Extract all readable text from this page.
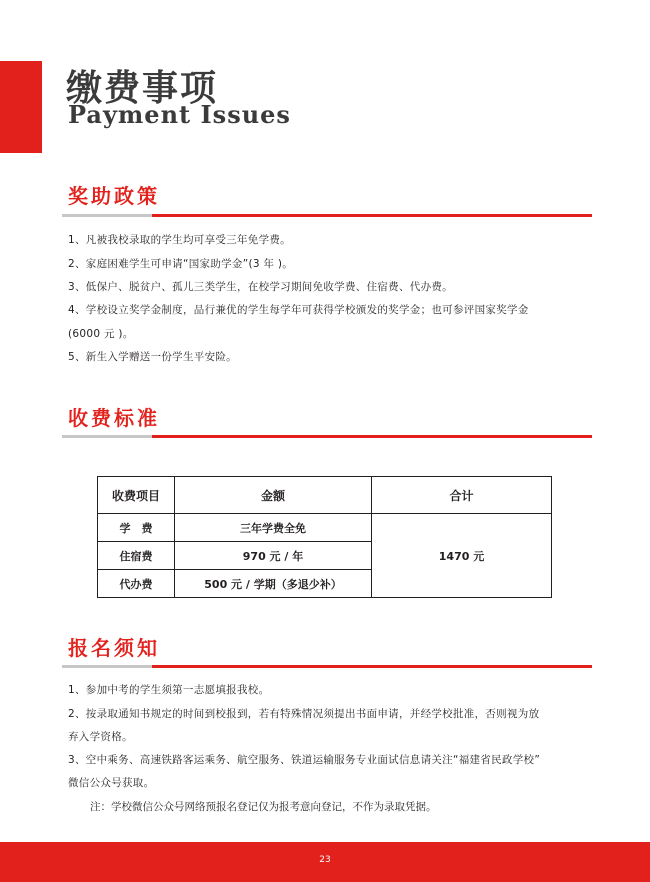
缴费事项
Payment Issues
奖助政策
1、凡被我校录取的学生均可享受三年免学费。
2、家庭困难学生可申请“国家助学金”(3 年 )。
3、低保户、脱贫户、孤儿三类学生，在校学习期间免收学费、住宿费、代办费。
4、学校设立奖学金制度，品行兼优的学生每学年可获得学校颁发的奖学金；也可参评国家奖学金
(6000 元 )。
5、新生入学赠送一份学生平安险。
收费标准
收费项目	金额	合计
学　费	三年学费全免	1470 元
住宿费	970 元 / 年	
代办费	500 元 / 学期（多退少补）	
报名须知
1、参加中考的学生须第一志愿填报我校。
2、按录取通知书规定的时间到校报到，若有特殊情况须提出书面申请，并经学校批准，否则视为放
弃入学资格。
3、空中乘务、高速铁路客运乘务、航空服务、铁道运输服务专业面试信息请关注“福建省民政学校”
微信公众号获取。
注：学校微信公众号网络预报名登记仅为报考意向登记，不作为录取凭据。
23
